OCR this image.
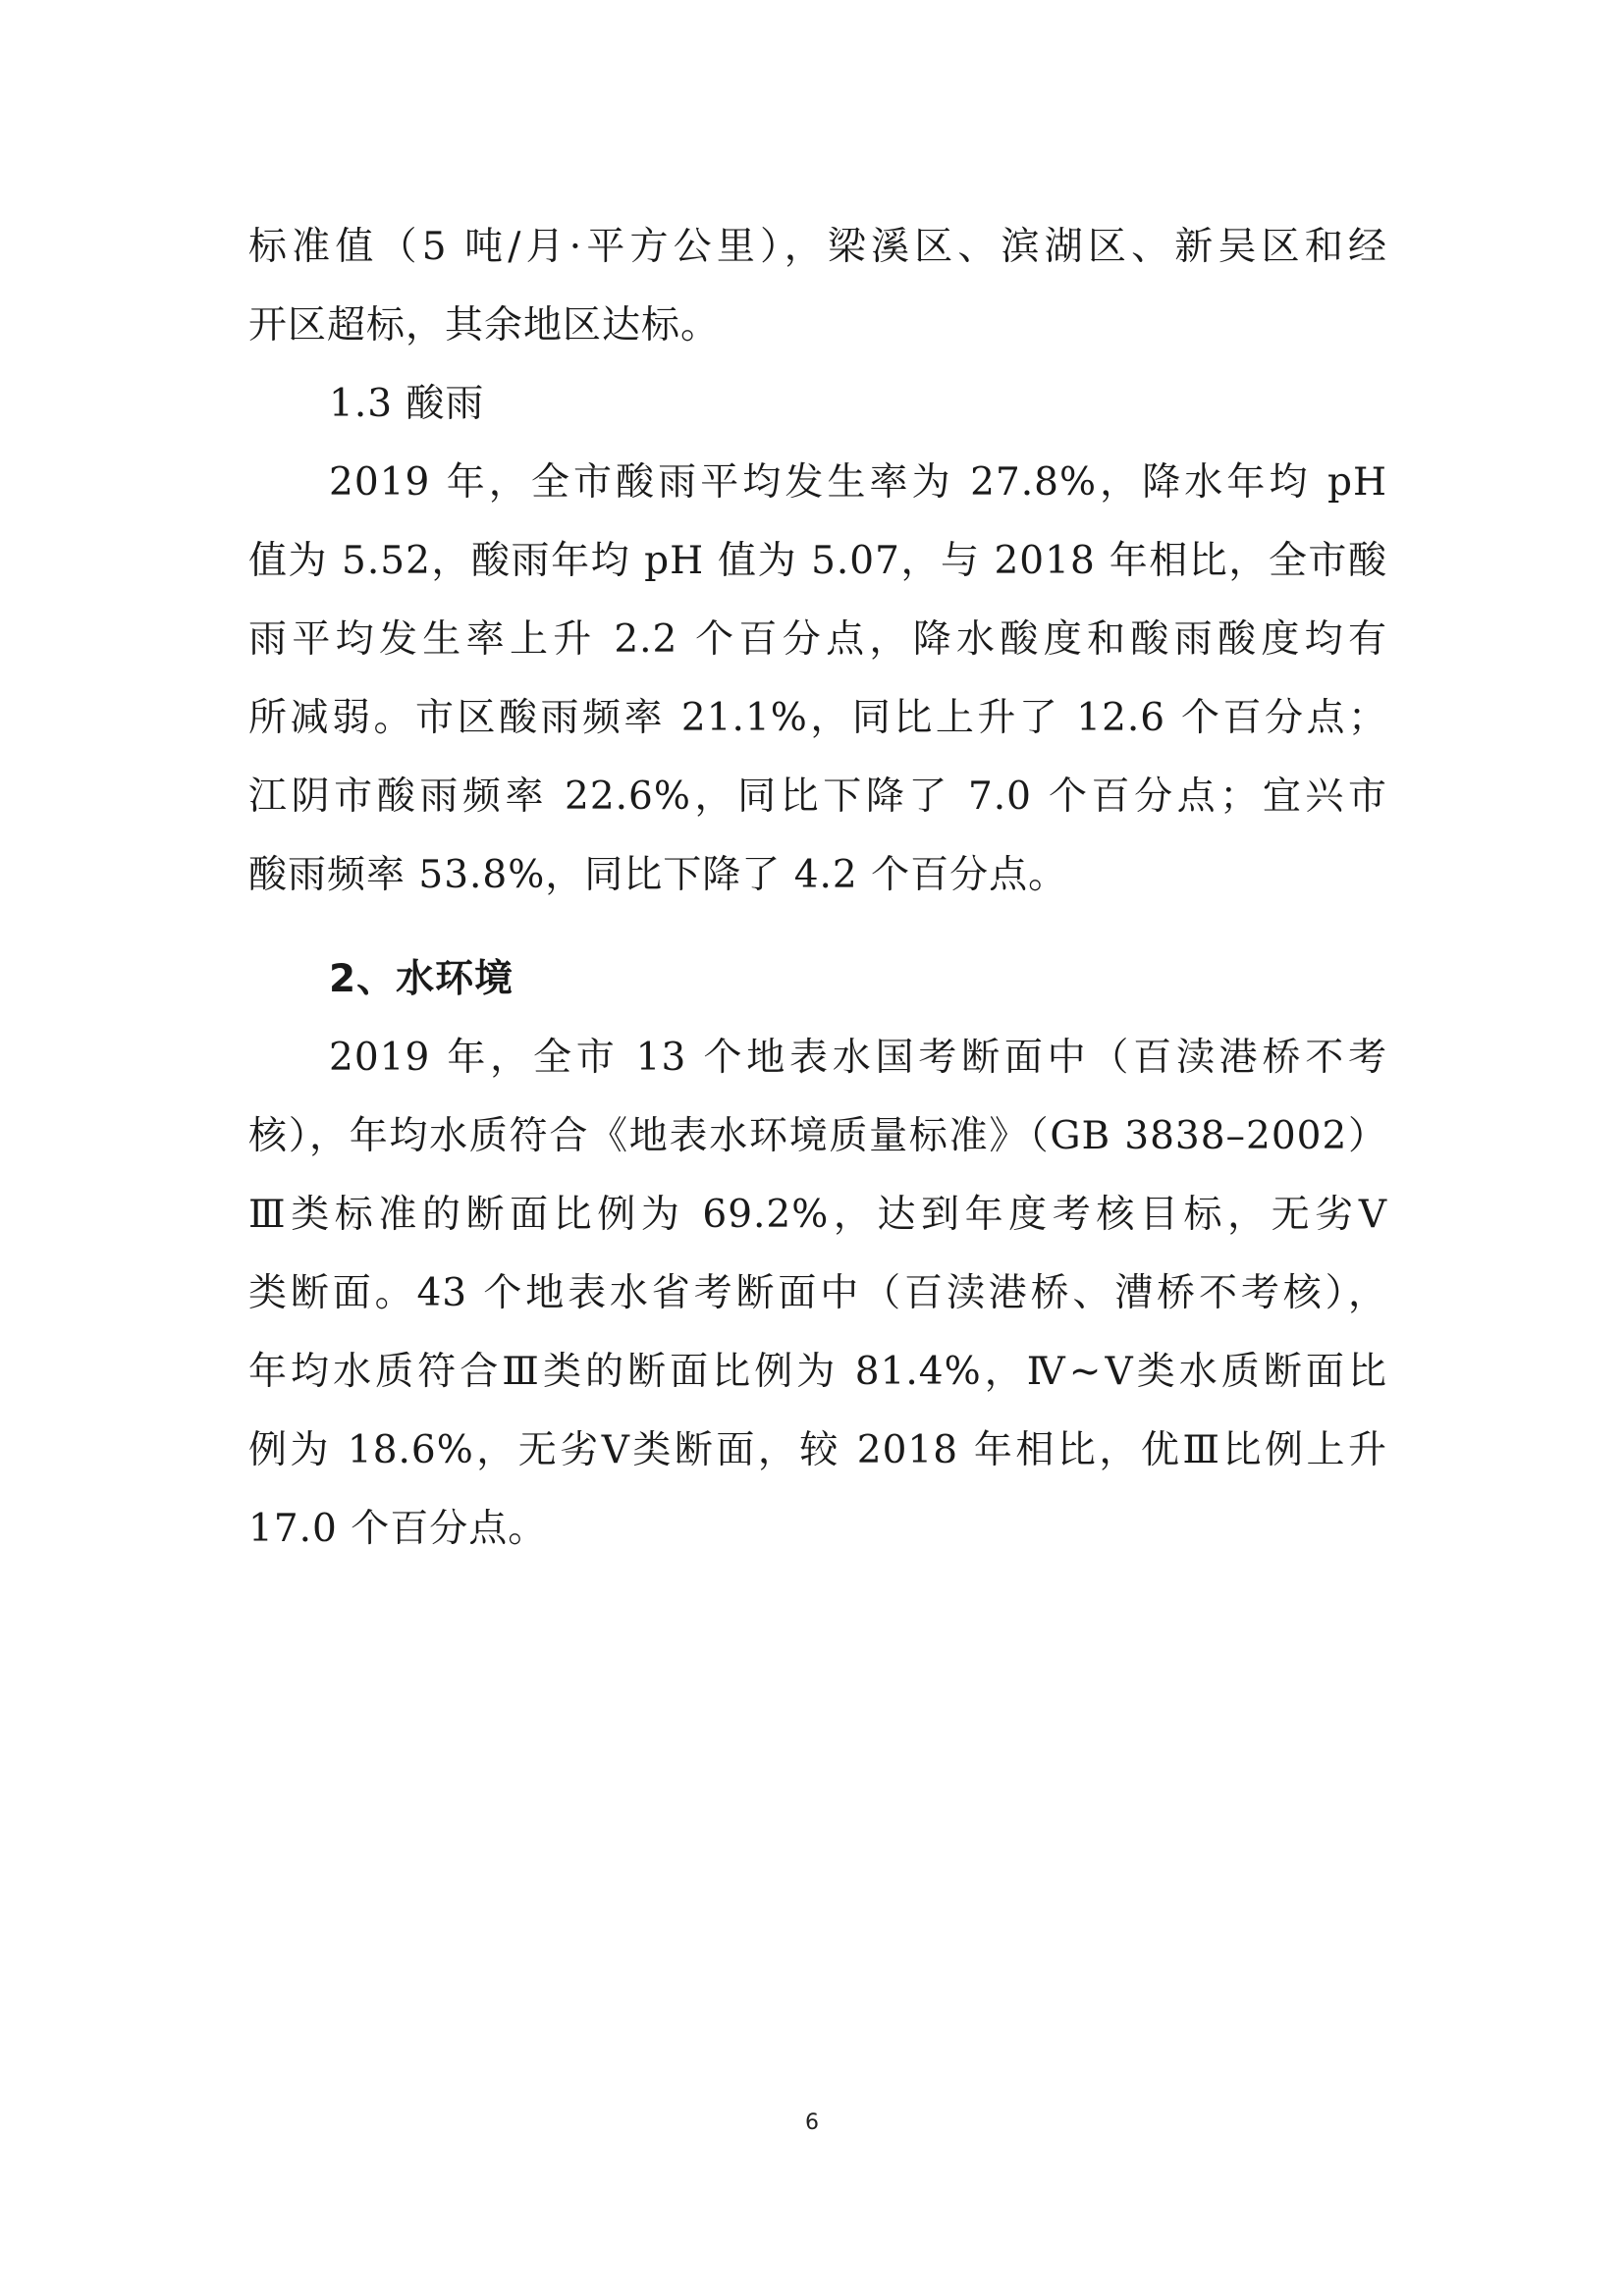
标准值（5 吨/月·平方公里），梁溪区、滨湖区、新吴区和经
开区超标，其余地区达标。
1.3 酸雨
2019 年，全市酸雨平均发生率为 27.8%，降水年均 pH
值为 5.52，酸雨年均 pH 值为 5.07，与 2018 年相比，全市酸
雨平均发生率上升 2.2 个百分点，降水酸度和酸雨酸度均有
所减弱。市区酸雨频率 21.1%，同比上升了 12.6 个百分点；
江阴市酸雨频率 22.6%，同比下降了 7.0 个百分点；宜兴市
酸雨频率 53.8%，同比下降了 4.2 个百分点。
2、水环境
2019 年，全市 13 个地表水国考断面中（百渎港桥不考
核），年均水质符合《地表水环境质量标准》（GB 3838–2002）
Ⅲ类标准的断面比例为 69.2%，达到年度考核目标，无劣Ⅴ
类断面。43 个地表水省考断面中（百渎港桥、漕桥不考核），
年均水质符合Ⅲ类的断面比例为 81.4%，Ⅳ~Ⅴ类水质断面比
例为 18.6%，无劣Ⅴ类断面，较 2018 年相比，优Ⅲ比例上升
17.0 个百分点。
6
